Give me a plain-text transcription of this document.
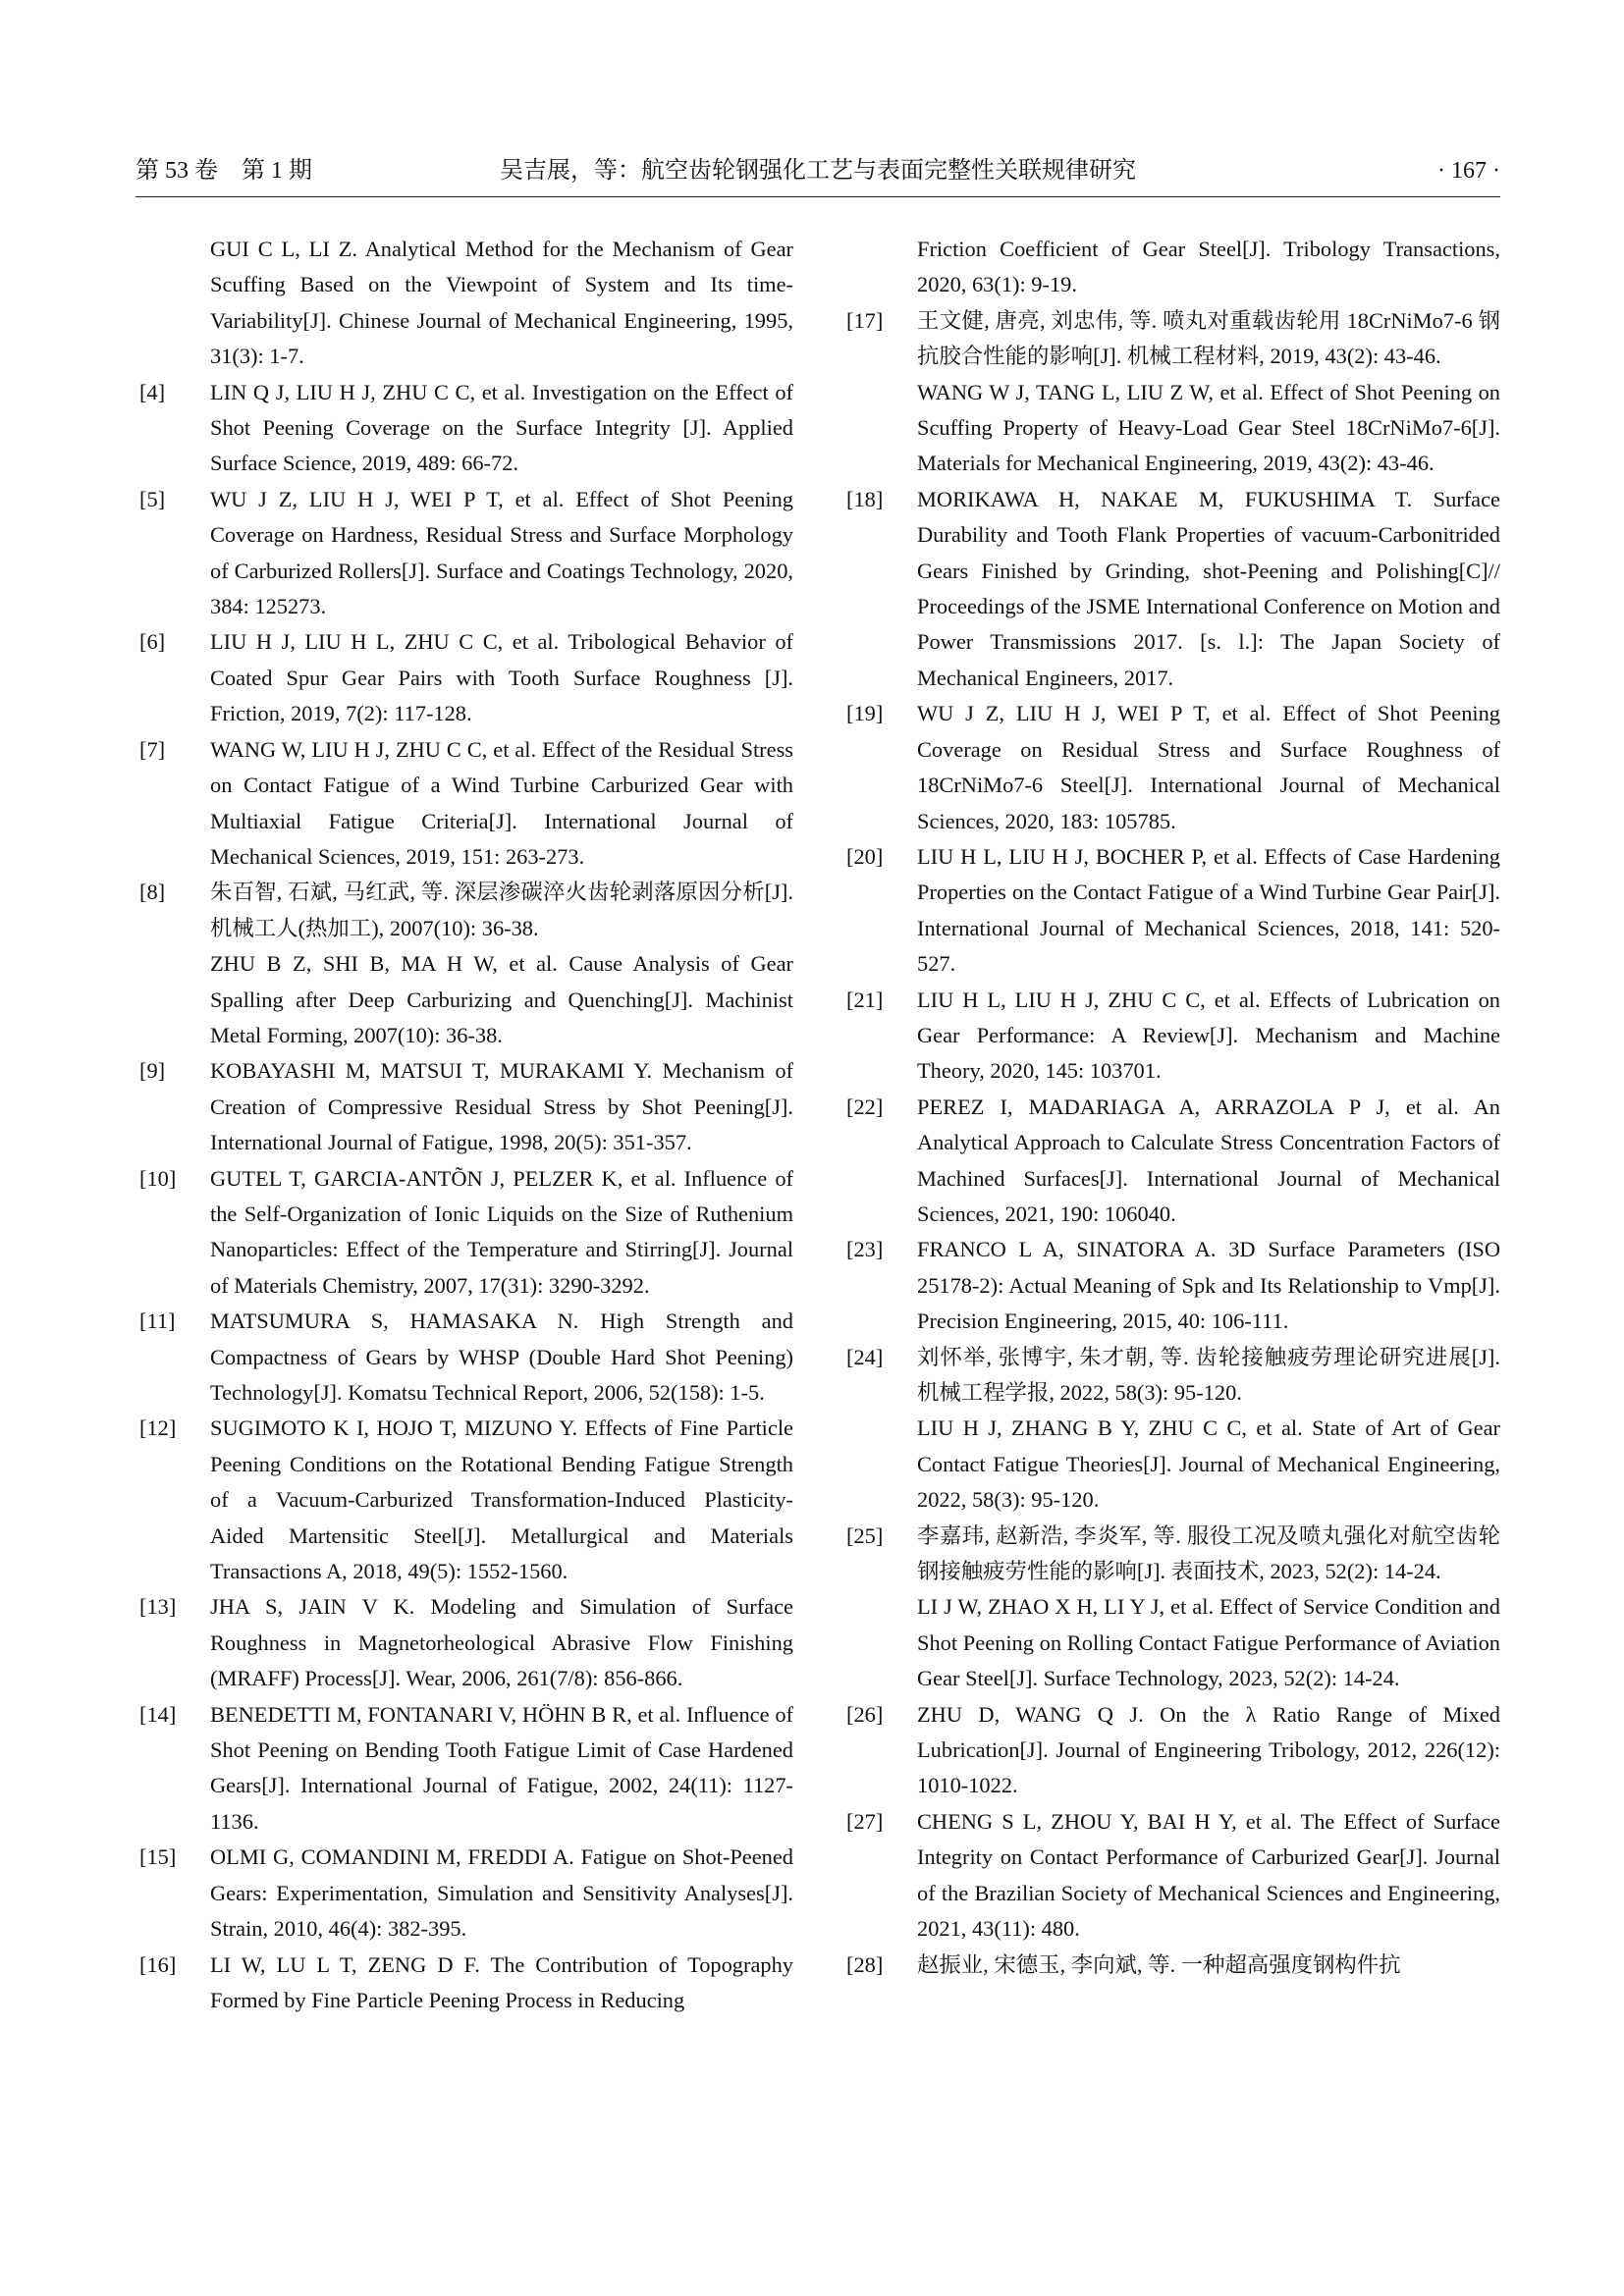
第 53 卷　第 1 期	吴吉展，等：航空齿轮钢强化工艺与表面完整性关联规律研究	· 167 ·
GUI C L, LI Z. Analytical Method for the Mechanism of Gear Scuffing Based on the Viewpoint of System and Its time-Variability[J]. Chinese Journal of Mechanical Engineering, 1995, 31(3): 1-7.
[4] LIN Q J, LIU H J, ZHU C C, et al. Investigation on the Effect of Shot Peening Coverage on the Surface Integrity [J]. Applied Surface Science, 2019, 489: 66-72.
[5] WU J Z, LIU H J, WEI P T, et al. Effect of Shot Peening Coverage on Hardness, Residual Stress and Surface Morphology of Carburized Rollers[J]. Surface and Coatings Technology, 2020, 384: 125273.
[6] LIU H J, LIU H L, ZHU C C, et al. Tribological Behavior of Coated Spur Gear Pairs with Tooth Surface Roughness [J]. Friction, 2019, 7(2): 117-128.
[7] WANG W, LIU H J, ZHU C C, et al. Effect of the Residual Stress on Contact Fatigue of a Wind Turbine Carburized Gear with Multiaxial Fatigue Criteria[J]. International Journal of Mechanical Sciences, 2019, 151: 263-273.
[8] 朱百智, 石斌, 马红武, 等. 深层渗碳淬火齿轮剥落原因分析[J]. 机械工人(热加工), 2007(10): 36-38.
ZHU B Z, SHI B, MA H W, et al. Cause Analysis of Gear Spalling after Deep Carburizing and Quenching[J]. Machinist Metal Forming, 2007(10): 36-38.
[9] KOBAYASHI M, MATSUI T, MURAKAMI Y. Mechanism of Creation of Compressive Residual Stress by Shot Peening[J]. International Journal of Fatigue, 1998, 20(5): 351-357.
[10] GUTEL T, GARCIA-ANTÕN J, PELZER K, et al. Influence of the Self-Organization of Ionic Liquids on the Size of Ruthenium Nanoparticles: Effect of the Temperature and Stirring[J]. Journal of Materials Chemistry, 2007, 17(31): 3290-3292.
[11] MATSUMURA S, HAMASAKA N. High Strength and Compactness of Gears by WHSP (Double Hard Shot Peening) Technology[J]. Komatsu Technical Report, 2006, 52(158): 1-5.
[12] SUGIMOTO K I, HOJO T, MIZUNO Y. Effects of Fine Particle Peening Conditions on the Rotational Bending Fatigue Strength of a Vacuum-Carburized Transformation-Induced Plasticity-Aided Martensitic Steel[J]. Metallurgical and Materials Transactions A, 2018, 49(5): 1552-1560.
[13] JHA S, JAIN V K. Modeling and Simulation of Surface Roughness in Magnetorheological Abrasive Flow Finishing (MRAFF) Process[J]. Wear, 2006, 261(7/8): 856-866.
[14] BENEDETTI M, FONTANARI V, HÖHN B R, et al. Influence of Shot Peening on Bending Tooth Fatigue Limit of Case Hardened Gears[J]. International Journal of Fatigue, 2002, 24(11): 1127-1136.
[15] OLMI G, COMANDINI M, FREDDI A. Fatigue on Shot-Peened Gears: Experimentation, Simulation and Sensitivity Analyses[J]. Strain, 2010, 46(4): 382-395.
[16] LI W, LU L T, ZENG D F. The Contribution of Topography Formed by Fine Particle Peening Process in Reducing
Friction Coefficient of Gear Steel[J]. Tribology Transactions, 2020, 63(1): 9-19.
[17] 王文健, 唐亮, 刘忠伟, 等. 喷丸对重载齿轮用 18CrNiMo7-6 钢抗胶合性能的影响[J]. 机械工程材料, 2019, 43(2): 43-46.
WANG W J, TANG L, LIU Z W, et al. Effect of Shot Peening on Scuffing Property of Heavy-Load Gear Steel 18CrNiMo7-6[J]. Materials for Mechanical Engineering, 2019, 43(2): 43-46.
[18] MORIKAWA H, NAKAE M, FUKUSHIMA T. Surface Durability and Tooth Flank Properties of vacuum-Carbonitrided Gears Finished by Grinding, shot-Peening and Polishing[C]// Proceedings of the JSME International Conference on Motion and Power Transmissions 2017. [s. l.]: The Japan Society of Mechanical Engineers, 2017.
[19] WU J Z, LIU H J, WEI P T, et al. Effect of Shot Peening Coverage on Residual Stress and Surface Roughness of 18CrNiMo7-6 Steel[J]. International Journal of Mechanical Sciences, 2020, 183: 105785.
[20] LIU H L, LIU H J, BOCHER P, et al. Effects of Case Hardening Properties on the Contact Fatigue of a Wind Turbine Gear Pair[J]. International Journal of Mechanical Sciences, 2018, 141: 520-527.
[21] LIU H L, LIU H J, ZHU C C, et al. Effects of Lubrication on Gear Performance: A Review[J]. Mechanism and Machine Theory, 2020, 145: 103701.
[22] PEREZ I, MADARIAGA A, ARRAZOLA P J, et al. An Analytical Approach to Calculate Stress Concentration Factors of Machined Surfaces[J]. International Journal of Mechanical Sciences, 2021, 190: 106040.
[23] FRANCO L A, SINATORA A. 3D Surface Parameters (ISO 25178-2): Actual Meaning of Spk and Its Relationship to Vmp[J]. Precision Engineering, 2015, 40: 106-111.
[24] 刘怀举, 张博宇, 朱才朝, 等. 齿轮接触疲劳理论研究进展[J]. 机械工程学报, 2022, 58(3): 95-120.
LIU H J, ZHANG B Y, ZHU C C, et al. State of Art of Gear Contact Fatigue Theories[J]. Journal of Mechanical Engineering, 2022, 58(3): 95-120.
[25] 李嘉玮, 赵新浩, 李炎军, 等. 服役工况及喷丸强化对航空齿轮钢接触疲劳性能的影响[J]. 表面技术, 2023, 52(2): 14-24.
LI J W, ZHAO X H, LI Y J, et al. Effect of Service Condition and Shot Peening on Rolling Contact Fatigue Performance of Aviation Gear Steel[J]. Surface Technology, 2023, 52(2): 14-24.
[26] ZHU D, WANG Q J. On the λ Ratio Range of Mixed Lubrication[J]. Journal of Engineering Tribology, 2012, 226(12): 1010-1022.
[27] CHENG S L, ZHOU Y, BAI H Y, et al. The Effect of Surface Integrity on Contact Performance of Carburized Gear[J]. Journal of the Brazilian Society of Mechanical Sciences and Engineering, 2021, 43(11): 480.
[28] 赵振业, 宋德玉, 李向斌, 等. 一种超高强度钢构件抗
